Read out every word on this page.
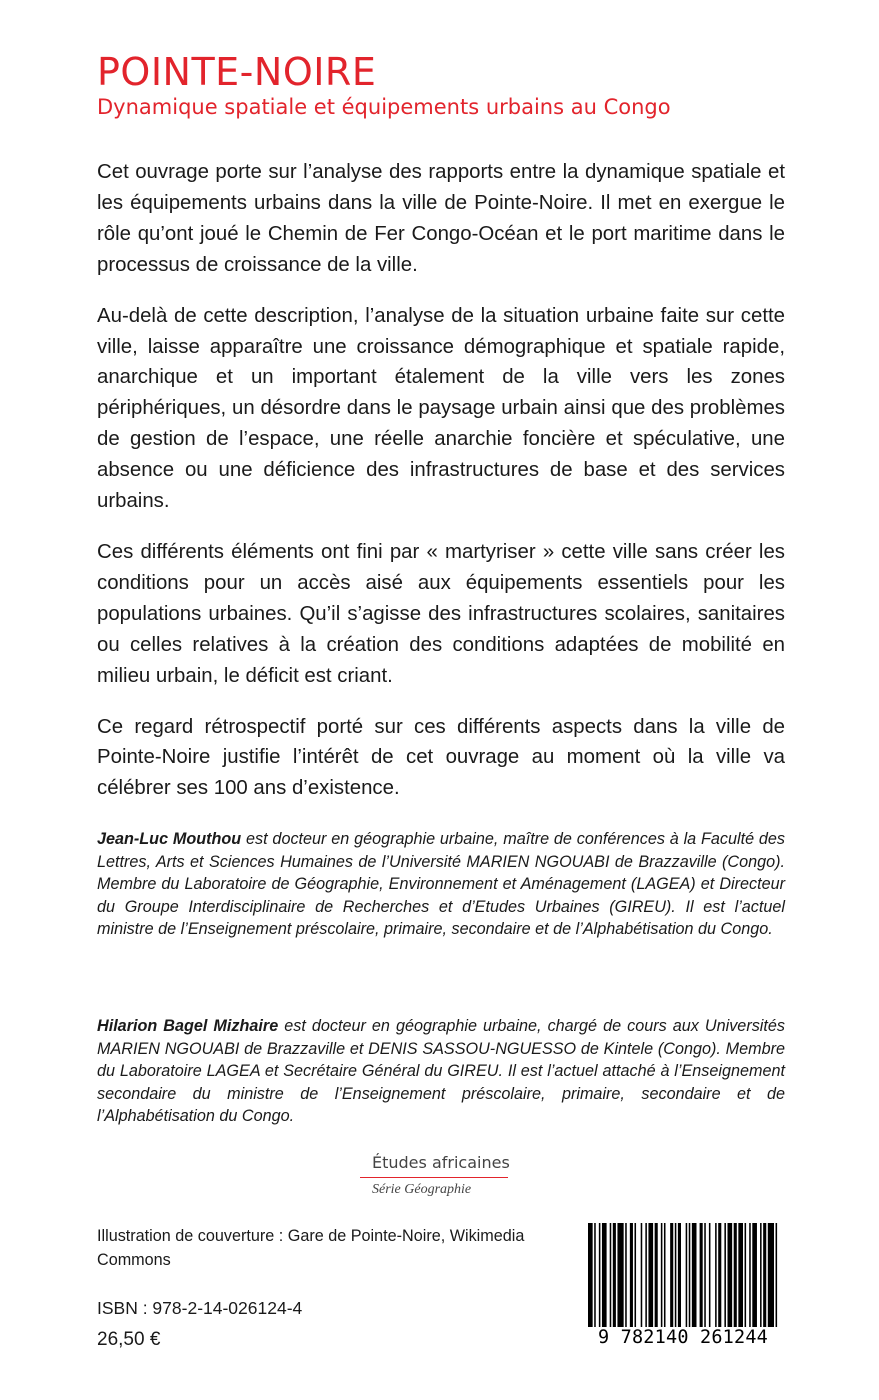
POINTE-NOIRE
Dynamique spatiale et équipements urbains au Congo

Cet ouvrage porte sur l’analyse des rapports entre la dynamique spatiale et les équipements urbains dans la ville de Pointe-Noire. Il met en exergue le rôle qu’ont joué le Chemin de Fer Congo-Océan et le port maritime dans le processus de croissance de la ville.

Au-delà de cette description, l’analyse de la situation urbaine faite sur cette ville, laisse apparaître une croissance démographique et spatiale rapide, anarchique et un important étalement de la ville vers les zones périphériques, un désordre dans le paysage urbain ainsi que des problèmes de gestion de l’espace, une réelle anarchie foncière et spéculative, une absence ou une déficience des infrastructures de base et des services urbains.

Ces différents éléments ont fini par « martyriser » cette ville sans créer les conditions pour un accès aisé aux équipements essentiels pour les populations urbaines. Qu’il s’agisse des infrastructures scolaires, sanitaires ou celles relatives à la création des conditions adaptées de mobilité en milieu urbain, le déficit est criant.

Ce regard rétrospectif porté sur ces différents aspects dans la ville de Pointe-Noire justifie l’intérêt de cet ouvrage au moment où la ville va célébrer ses 100 ans d’existence.

Jean-Luc Mouthou est docteur en géographie urbaine, maître de conférences à la Faculté des Lettres, Arts et Sciences Humaines de l’Université MARIEN NGOUABI de Brazzaville (Congo). Membre du Laboratoire de Géographie, Environnement et Aménagement (LAGEA) et Directeur du Groupe Interdisciplinaire de Recherches et d’Etudes Urbaines (GIREU). Il est l’actuel ministre de l’Enseignement préscolaire, primaire, secondaire et de l’Alphabétisation du Congo.

Hilarion Bagel Mizhaire est docteur en géographie urbaine, chargé de cours aux Universités MARIEN NGOUABI de Brazzaville et DENIS SASSOU-NGUESSO de Kintele (Congo). Membre du Laboratoire LAGEA et Secrétaire Général du GIREU. Il est l’actuel attaché à l’Enseignement secondaire du ministre de l’Enseignement préscolaire, primaire, secondaire et de l’Alphabétisation du Congo.

Études africaines
Série Géographie
Illustration de couverture : Gare de Pointe-Noire, Wikimedia Commons
ISBN : 978-2-14-026124-4
26,50 €	9 782140 261244
